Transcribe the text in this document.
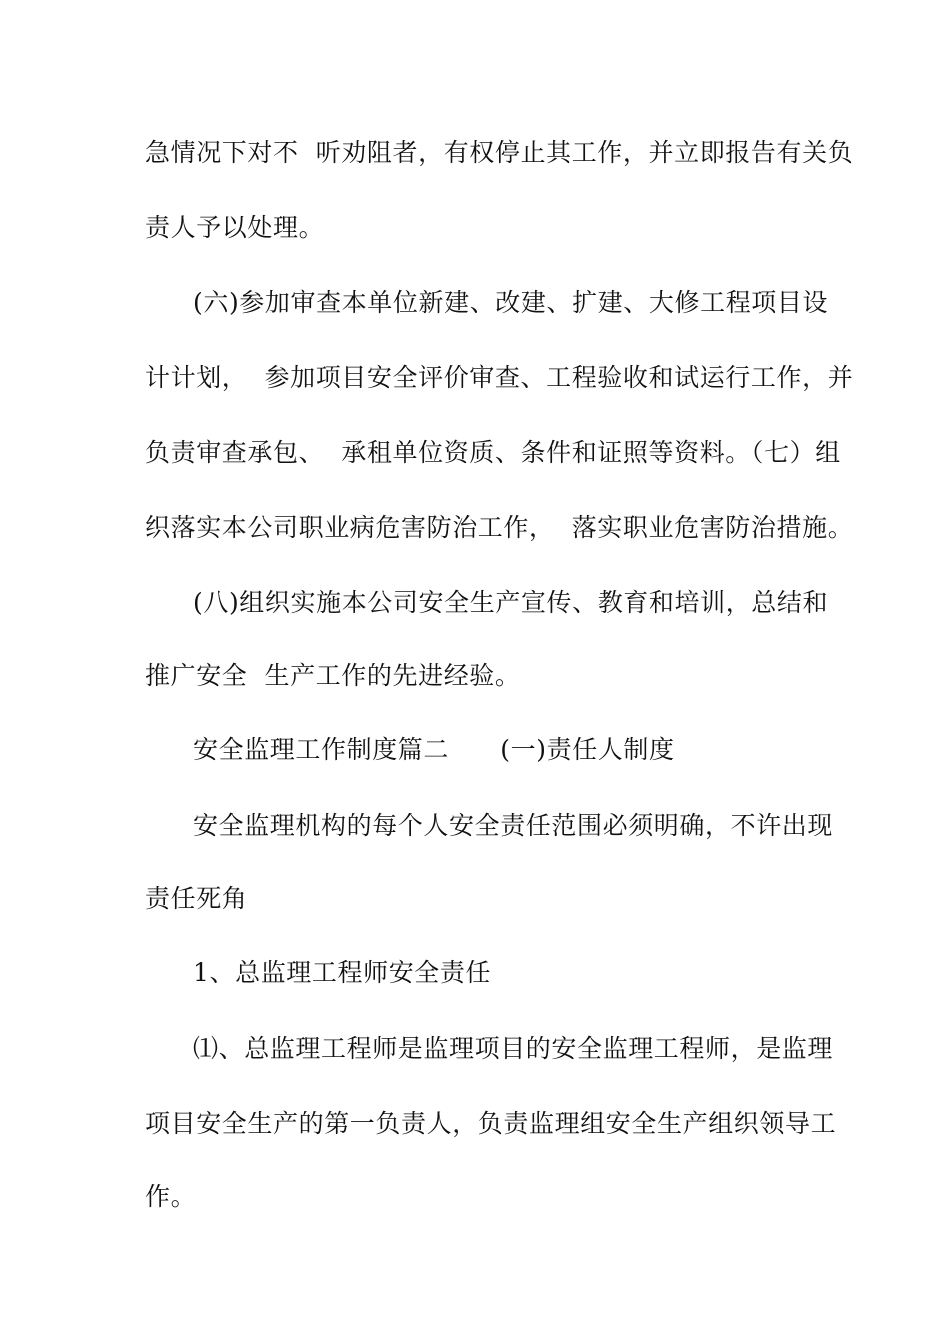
急情况下对不  听劝阻者，有权停止其工作，并立即报告有关负
责人予以处理。
(六)参加审查本单位新建、改建、扩建、大修工程项目设
计计划，  参加项目安全评价审查、工程验收和试运行工作，并
负责审查承包、  承租单位资质、条件和证照等资料。（七）组
织落实本公司职业病危害防治工作，  落实职业危害防治措施。
(八)组织实施本公司安全生产宣传、教育和培训，总结和
推广安全  生产工作的先进经验。
安全监理工作制度篇二      (一)责任人制度
安全监理机构的每个人安全责任范围必须明确，不许出现
责任死角
1、总监理工程师安全责任
⑴、总监理工程师是监理项目的安全监理工程师，是监理
项目安全生产的第一负责人，负责监理组安全生产组织领导工
作。
